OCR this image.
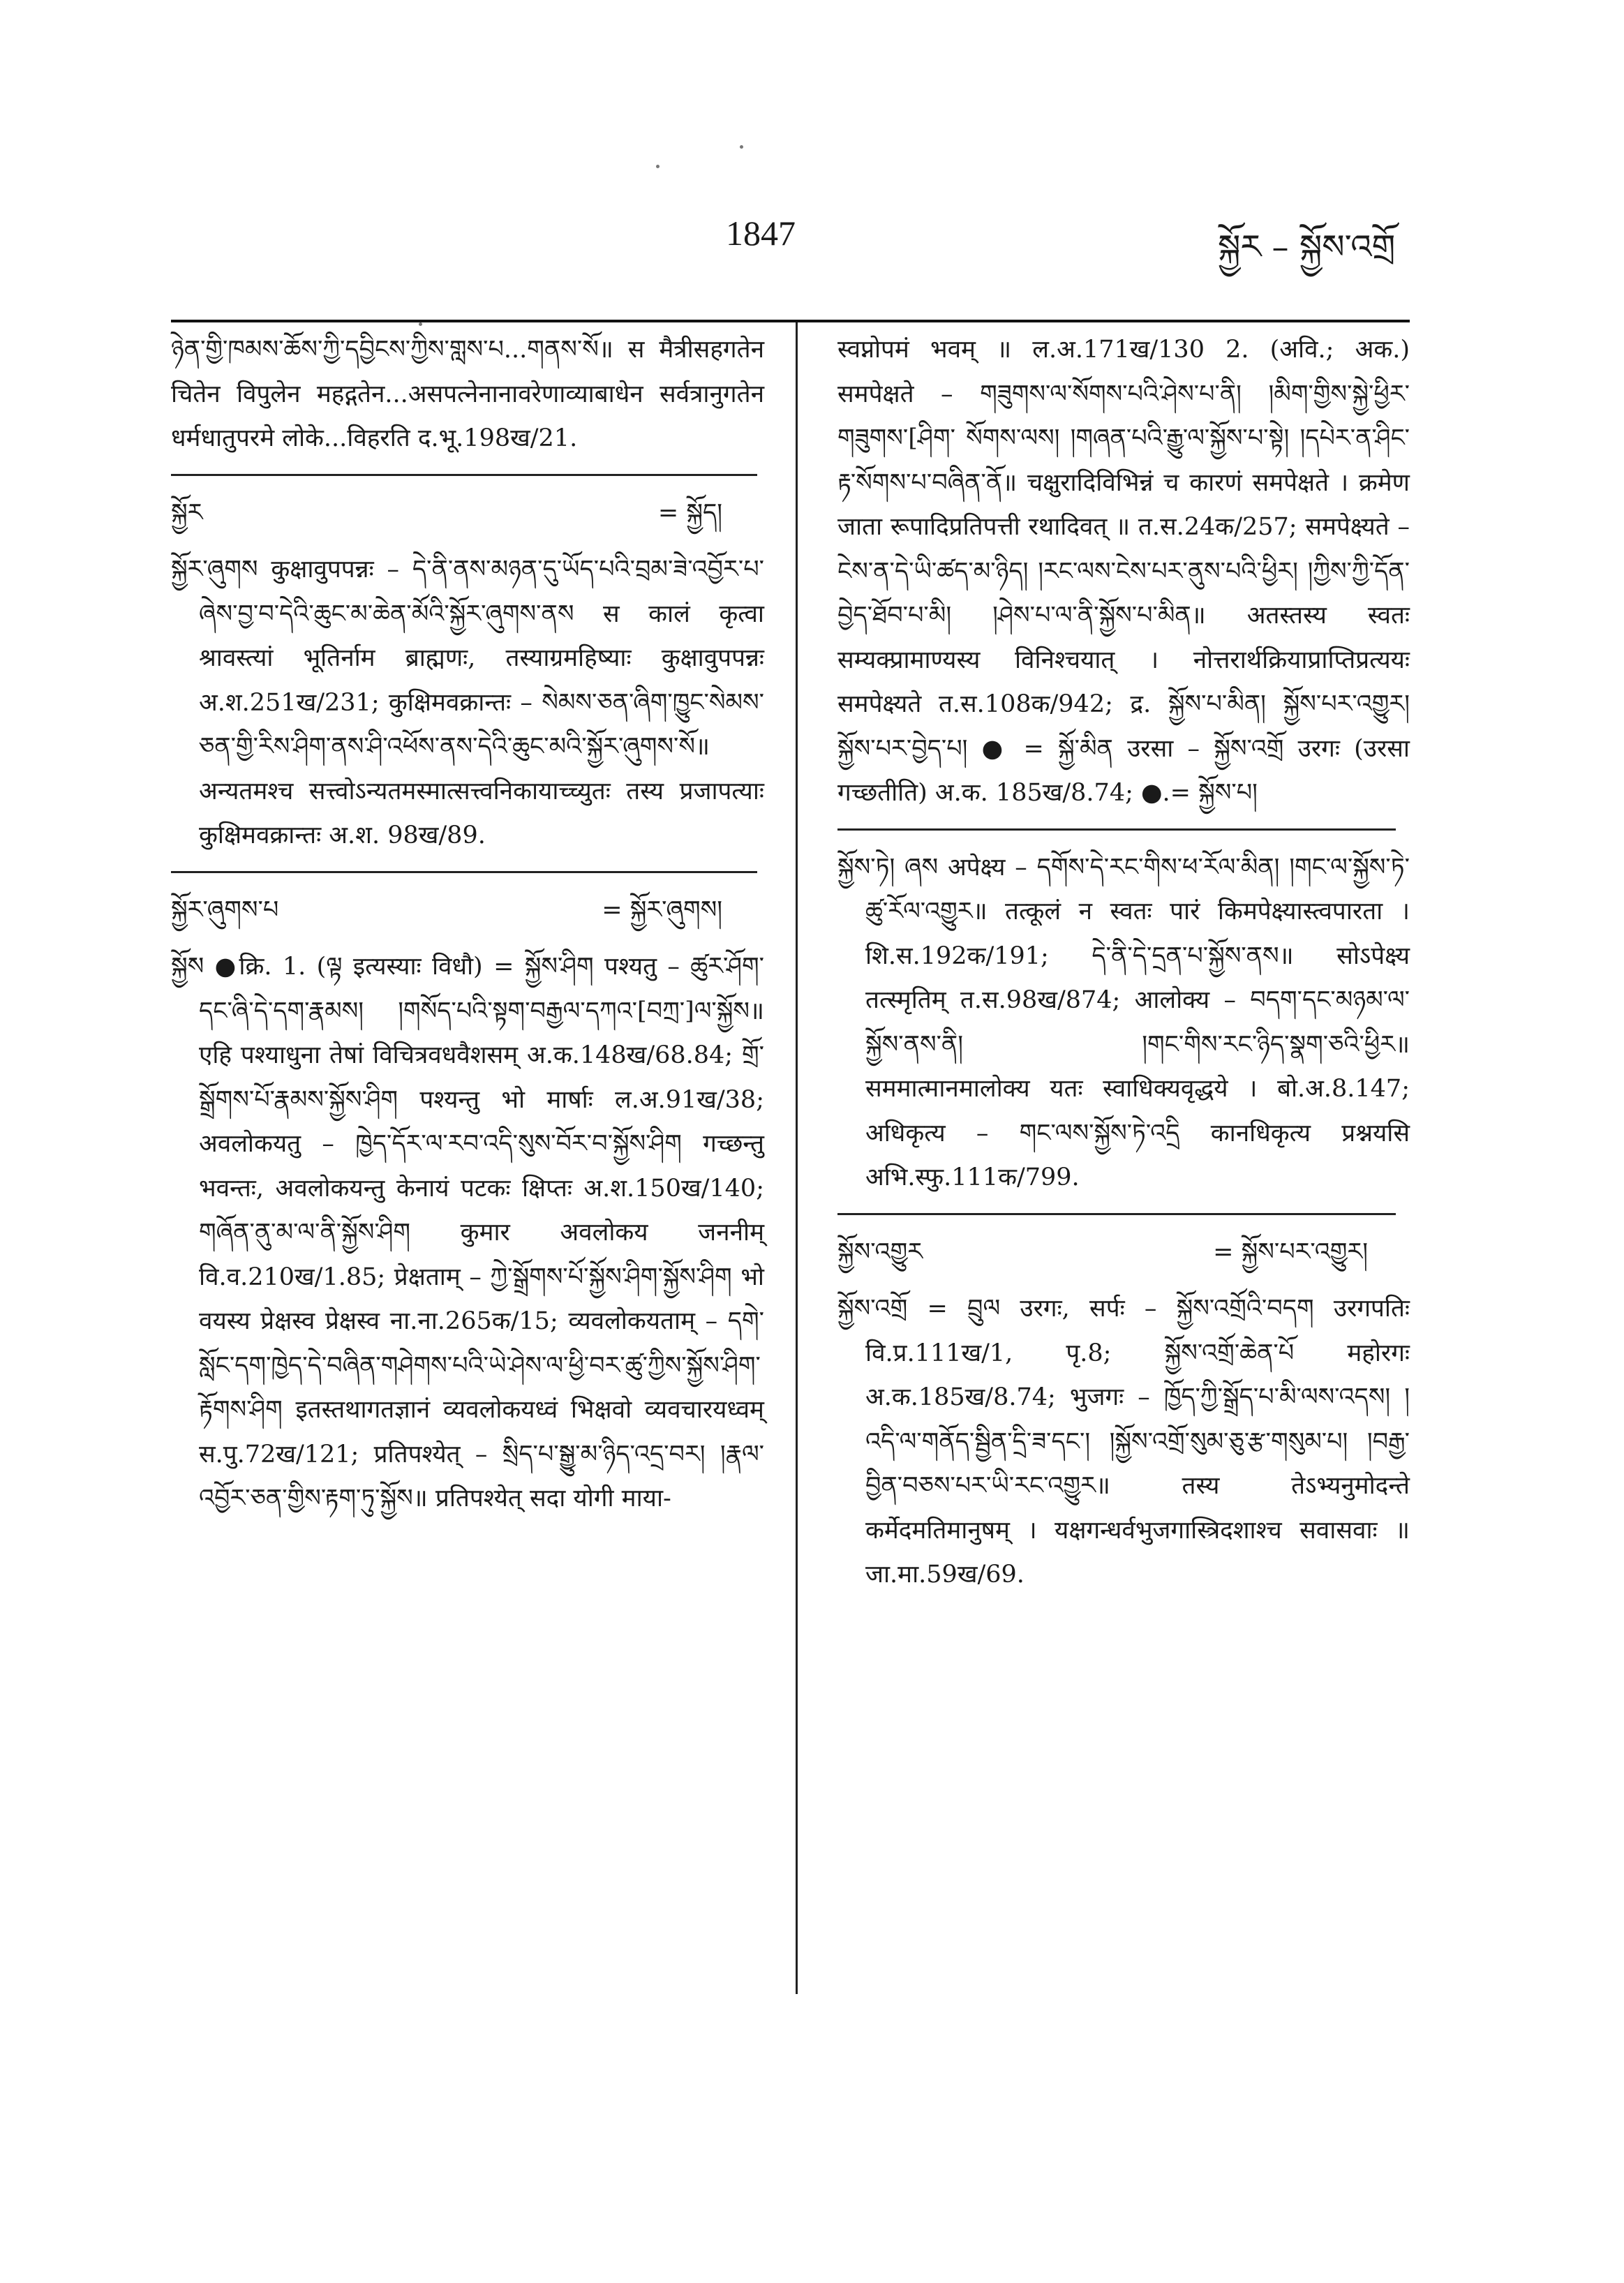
1847	སྐྱོར – སྐྱོས་འགྲོ

ཉེན་གྱི་ཁམས་ཆོས་ཀྱི་དབྱིངས་ཀྱིས་གླས་པ...གནས་སོ॥ स मैत्रीसहगतेन चितेन विपुलेन महद्गतेन...असपत्नेनानावरेणाव्याबाधेन सर्वत्रानुगतेन धर्मधातुपरमे लोके...विहरति द.भू.198ख/21.

སྐྱོར	= སྐྱོད།

སྐྱོར་ཞུགས कुक्षावुपपन्नः – དེ་ནི་ནས་མཉན་དུ་ཡོད་པའི་བྲམ་ཟེ་འབྱོར་པ་ཞེས་བྱ་བ་དེའི་ཆུང་མ་ཆེན་མོའི་སྐྱོར་ཞུགས་ནས स कालं कृत्वा श्रावस्त्यां भूतिर्नाम ब्राह्मणः, तस्याग्रमहिष्याः कुक्षावुपपन्नः अ.श.251ख/231; कुक्षिमवक्रान्तः – སེམས་ཅན་ཞིག་ཁྱུང་སེམས་ཅན་གྱི་རིས་ཤིག་ནས་ཤི་འཕོས་ནས་དེའི་ཆུང་མའི་སྐྱོར་ཞུགས་སོ॥ अन्यतमश्च सत्त्वोऽन्यतमस्मात्सत्त्वनिकायाच्च्युतः तस्य प्रजापत्याः कुक्षिमवक्रान्तः अ.श. 98ख/89.

སྐྱོར་ཞུགས་པ	= སྐྱོར་ཞུགས།

སྐྱོས ●क्रि. 1. (ལྟ इत्यस्याः विधौ) = སྐྱོས་ཤིག पश्यतु – ཚུར་ཤོག་དང་ཞི་དེ་དག་རྣམས། །གསོད་པའི་སྟག་བརྒྱལ་དཀའ་[བཀྲ་]ལ་སྐྱོས॥ एहि पश्याधुना तेषां विचित्रवधवैशसम् अ.क.148ख/68.84; གྲོ་སྒྲོགས་པོ་རྣམས་སྐྱོས་ཤིག पश्यन्तु भो मार्षाः ल.अ.91ख/38; अवलोकयतु – ཁྱེད་དོར་ལ་རབ་འདི་སུས་བོར་བ་སྐྱོས་ཤིག गच्छन्तु भवन्तः, अवलोकयन्तु केनायं पटकः क्षिप्तः अ.श.150ख/140; གཞོན་ནུ་མ་ལ་ནི་སྐྱོས་ཤིག कुमार अवलोकय जननीम् वि.व.210ख/1.85; प्रेक्षताम् – ཀྱེ་སྒྲོགས་པོ་སྐྱོས་ཤིག་སྐྱོས་ཤིག भो वयस्य प्रेक्षस्व प्रेक्षस्व ना.ना.265क/15; व्यवलोकयताम् – དགེ་སློང་དག་ཁྱེད་དེ་བཞིན་གཤེགས་པའི་ཡེ་ཤེས་ལ་ཕྱི་བར་ཚུ་ཀྱིས་སྐྱོས་ཤིག་རྟོགས་ཤིག इतस्तथागतज्ञानं व्यवलोकयध्वं भिक्षवो व्यवचारयध्वम् स.पु.72ख/121; प्रतिपश्येत् – སྲིད་པ་སྒྱུ་མ་ཉིད་འདྲ་བར། །རྣལ་འབྱོར་ཅན་གྱིས་རྟག་ཏུ་སྐྱོས॥ प्रतिपश्येत् सदा योगी माया-

स्वप्नोपमं भवम् ॥ ल.अ.171ख/130 2. (अवि.; अक.) समपेक्षते – གཟུགས་ལ་སོགས་པའི་ཤེས་པ་ནི། །མིག་གྱིས་སྐྱེ་ཕྱིར་གཟུགས་[ཤིག་ སོགས་ལས། །གཞན་པའི་རྒྱུ་ལ་སྐྱོས་པ་སྟེ། །དཔེར་ན་ཤིང་རྟ་སོགས་པ་བཞིན་ནོ॥ चक्षुरादिविभिन्नं च कारणं समपेक्षते । क्रमेण जाता रूपादिप्रतिपत्ती रथादिवत् ॥ त.स.24क/257; समपेक्ष्यते – ངེས་ན་དེ་ཡི་ཚད་མ་ཉིད། །རང་ལས་ངེས་པར་ནུས་པའི་ཕྱིར། །ཀྱིས་ཀྱི་དོན་བྱེད་ཐོབ་པ་མི། །ཤེས་པ་ལ་ནི་སྐྱོས་པ་མིན॥ अतस्तस्य स्वतः सम्यक्प्रामाण्यस्य विनिश्चयात् । नोत्तरार्थक्रियाप्राप्तिप्रत्ययः समपेक्ष्यते त.स.108क/942; द्र. སྐྱོས་པ་མིན། སྐྱོས་པར་འགྱུར། སྐྱོས་པར་བྱེད་པ། ● = སྐྱོ་མིན उरसा – སྐྱོས་འགྲོ उरगः (उरसा गच्छतीति) अ.क. 185ख/8.74; ●.= སྐྱོས་པ།

སྐྱོས་ཏེ། ཞས अपेक्ष्य – དགོས་དེ་རང་གིས་ཕ་རོལ་མིན། །གང་ལ་སྐྱོས་ཏེ་ཚུ་རོལ་འགྱུར॥ तत्कूलं न स्वतः पारं किमपेक्ष्यास्त्वपारता । शि.स.192क/191; དེ་ནི་དེ་དྲན་པ་སྐྱོས་ནས॥ सोऽपेक्ष्य तत्स्मृतिम् त.स.98ख/874; आलोक्य – བདག་དང་མཉམ་ལ་སྐྱོས་ནས་ནི། །གང་གིས་རང་ཉིད་སྣག་ཅའི་ཕྱིར॥ सममात्मानमालोक्य यतः स्वाधिक्यवृद्धये । बो.अ.8.147; अधिकृत्य – གང་ལས་སྐྱོས་ཏེ་འདྲི कानधिकृत्य प्रश्नयसि अभि.स्फु.111क/799.

སྐྱོས་འགྱུར	= སྐྱོས་པར་འགྱུར།

སྐྱོས་འགྲོ = བྲུལ उरगः, सर्पः – སྐྱོས་འགྲོའི་བདག उरगपतिः वि.प्र.111ख/1, पृ.8; སྐྱོས་འགྲོ་ཆེན་པོ महोरगः अ.क.185ख/8.74; भुजगः – ཁྱོད་ཀྱི་སྒྲོད་པ་མི་ལས་འདས། །འདི་ལ་གནོད་སྦྱིན་དྲི་ཟ་དང་། །སྐྱོས་འགྲོ་སུམ་ཅུ་རྩ་གསུམ་པ། །བརྒྱ་བྱིན་བཅས་པར་ཡི་རང་འགྱུར॥ तस्य तेऽभ्यनुमोदन्ते कर्मेदमतिमानुषम् । यक्षगन्धर्वभुजगास्त्रिदशाश्च सवासवाः ॥ जा.मा.59ख/69.
